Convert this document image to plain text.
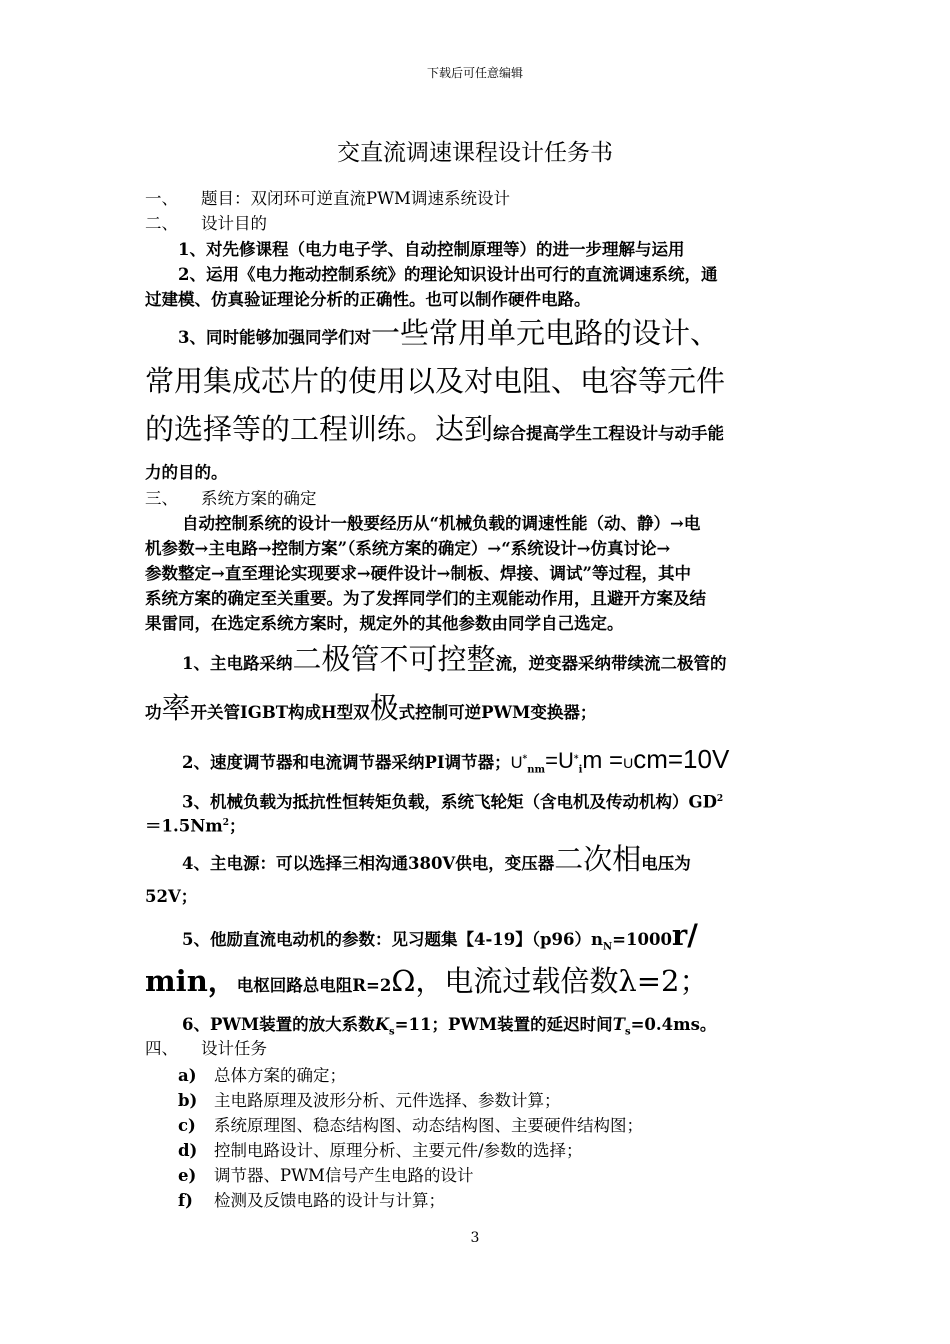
下载后可任意编辑
交直流调速课程设计任务书
一、 题目：双闭环可逆直流PWM调速系统设计
二、 设计目的
1、对先修课程（电力电子学、自动控制原理等）的进一步理解与运用
2、运用《电力拖动控制系统》的理论知识设计出可行的直流调速系统，通
过建模、仿真验证理论分析的正确性。也可以制作硬件电路。
3、同时能够加强同学们对一些常用单元电路的设计、
常用集成芯片的使用以及对电阻、电容等元件
的选择等的工程训练。达到综合提高学生工程设计与动手能
力的目的。
三、 系统方案的确定
自动控制系统的设计一般要经历从“机械负载的调速性能（动、静）→电
机参数→主电路→控制方案”（系统方案的确定）→“系统设计→仿真讨论→
参数整定→直至理论实现要求→硬件设计→制板、焊接、调试”等过程，其中
系统方案的确定至关重要。为了发挥同学们的主观能动作用，且避开方案及结
果雷同，在选定系统方案时，规定外的其他参数由同学自己选定。
1、主电路采纳二极管不可控整流，逆变器采纳带续流二极管的
功率开关管IGBT构成H型双极式控制可逆PWM变换器；
2、速度调节器和电流调节器采纳PI调节器；$U^*_{nm}=U^*_im =Ucm=10V$
3、机械负载为抵抗性恒转矩负载，系统飞轮矩（含电机及传动机构）$GD^2$
$=1.5Nm^2$；
4、主电源：可以选择三相沟通380V供电，变压器二次相电压为
52V；
5、他励直流电动机的参数：见习题集【4-19】$(p96)n_N=1000r/$
min，电枢回路总电阻R=2Ω，电流过载倍数λ=2；
6、PWM装置的放大系数$K_s=11$；PWM装置的延迟时间$T_s=0.4ms$。
四、 设计任务
a) 总体方案的确定；
b) 主电路原理及波形分析、元件选择、参数计算；
c) 系统原理图、稳态结构图、动态结构图、主要硬件结构图；
d) 控制电路设计、原理分析、主要元件/参数的选择；
e) 调节器、PWM信号产生电路的设计
f) 检测及反馈电路的设计与计算；
3
